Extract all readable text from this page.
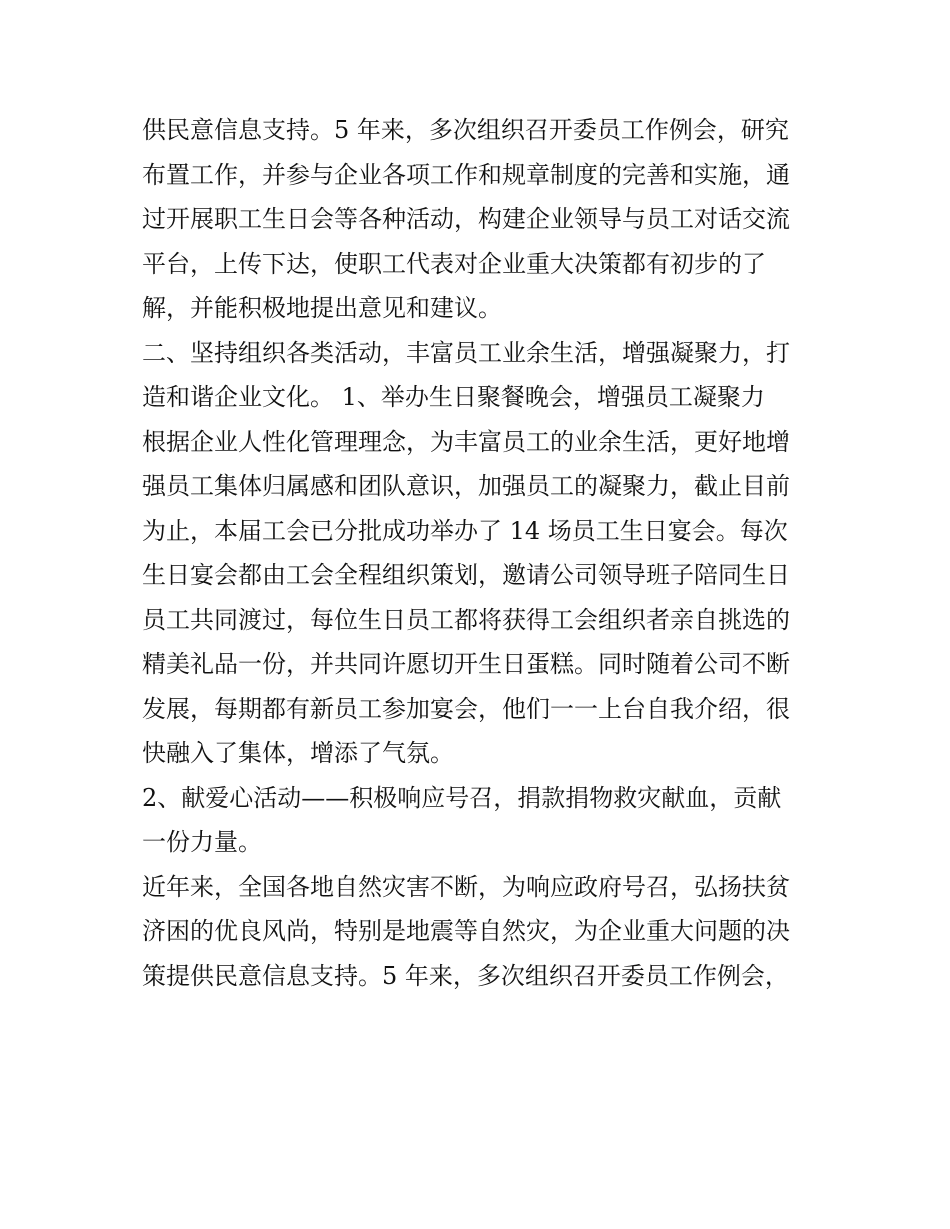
供民意信息支持。5 年来，多次组织召开委员工作例会，研究
布置工作，并参与企业各项工作和规章制度的完善和实施，通
过开展职工生日会等各种活动，构建企业领导与员工对话交流
平台，上传下达，使职工代表对企业重大决策都有初步的了
解，并能积极地提出意见和建议。
二、坚持组织各类活动，丰富员工业余生活，增强凝聚力，打
造和谐企业文化。 1、举办生日聚餐晚会，增强员工凝聚力
根据企业人性化管理理念，为丰富员工的业余生活，更好地增
强员工集体归属感和团队意识，加强员工的凝聚力，截止目前
为止，本届工会已分批成功举办了 14 场员工生日宴会。每次
生日宴会都由工会全程组织策划，邀请公司领导班子陪同生日
员工共同渡过，每位生日员工都将获得工会组织者亲自挑选的
精美礼品一份，并共同许愿切开生日蛋糕。同时随着公司不断
发展，每期都有新员工参加宴会，他们一一上台自我介绍，很
快融入了集体，增添了气氛。
2、献爱心活动——积极响应号召，捐款捐物救灾献血，贡献
一份力量。
近年来，全国各地自然灾害不断，为响应政府号召，弘扬扶贫
济困的优良风尚，特别是地震等自然灾，为企业重大问题的决
策提供民意信息支持。5 年来，多次组织召开委员工作例会，
